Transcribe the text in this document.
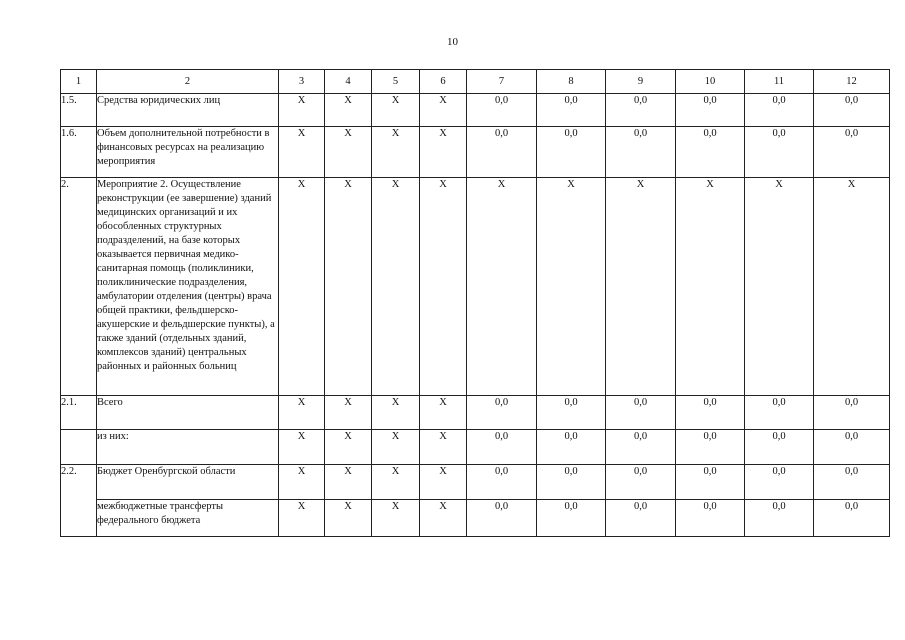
10
1	2	3	4	5	6	7	8	9	10	11	12
1.5.	Средства юридических лиц	X	X	X	X	0,0	0,0	0,0	0,0	0,0	0,0
1.6.	Объем дополнительной потребности в финансовых ресурсах на реализацию мероприятия	X	X	X	X	0,0	0,0	0,0	0,0	0,0	0,0
2.	Мероприятие 2. Осуществление реконструкции (ее завершение) зданий медицинских организаций и их обособленных структурных подразделений, на базе которых оказывается первичная медико-санитарная помощь (поликлиники, поликлинические подразделения, амбулатории отделения (центры) врача общей практики, фельдшерско-акушерские и фельдшерские пункты), а также зданий (отдельных зданий, комплексов зданий) центральных районных и районных больниц	X	X	X	X	X	X	X	X	X	X
2.1.	Всего	X	X	X	X	0,0	0,0	0,0	0,0	0,0	0,0
	из них:	X	X	X	X	0,0	0,0	0,0	0,0	0,0	0,0
2.2.	Бюджет Оренбургской области	X	X	X	X	0,0	0,0	0,0	0,0	0,0	0,0
	межбюджетные трансферты федерального бюджета	X	X	X	X	0,0	0,0	0,0	0,0	0,0	0,0
